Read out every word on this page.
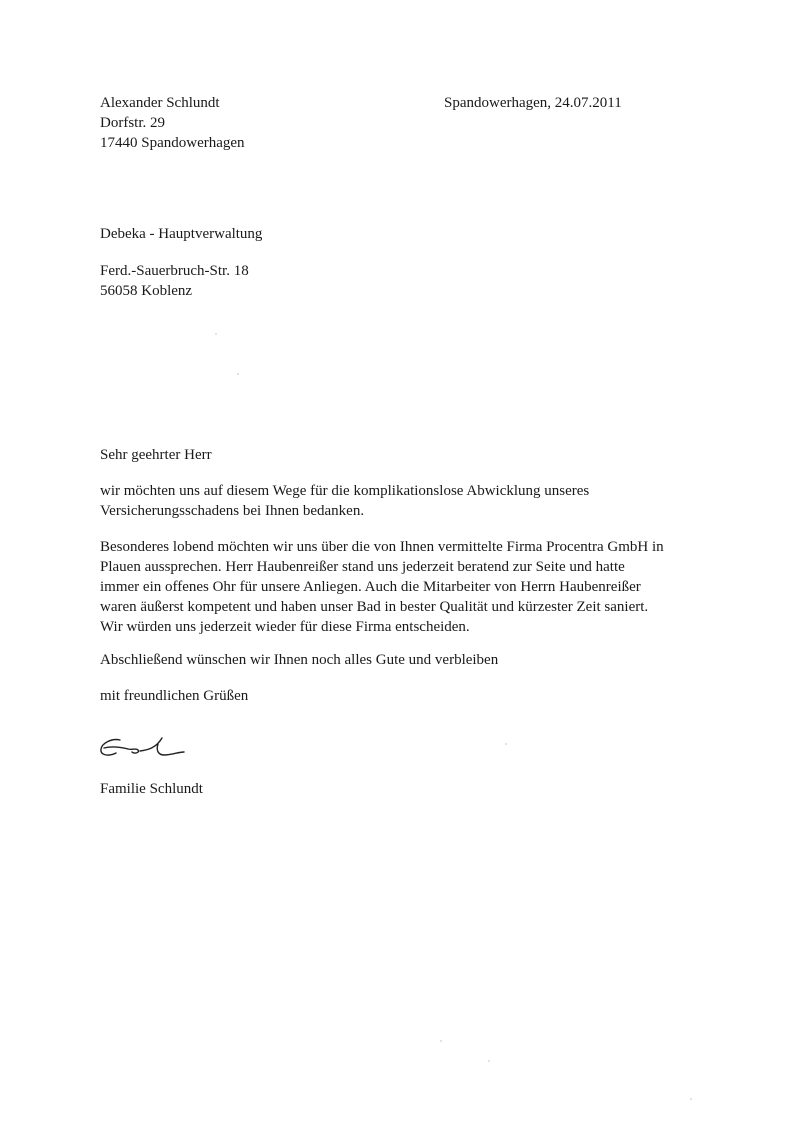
Alexander Schlundt
Dorfstr. 29
17440 Spandowerhagen
Spandowerhagen, 24.07.2011
Debeka - Hauptverwaltung
Ferd.-Sauerbruch-Str. 18
56058 Koblenz
Sehr geehrter Herr
wir möchten uns auf diesem Wege für die komplikationslose Abwicklung unseres
Versicherungsschadens bei Ihnen bedanken.
Besonderes lobend möchten wir uns über die von Ihnen vermittelte Firma Procentra GmbH in
Plauen aussprechen. Herr Haubenreißer stand uns jederzeit beratend zur Seite und hatte
immer ein offenes Ohr für unsere Anliegen. Auch die Mitarbeiter von Herrn Haubenreißer
waren äußerst kompetent und haben unser Bad in bester Qualität und kürzester Zeit saniert.
Wir würden uns jederzeit wieder für diese Firma entscheiden.
Abschließend wünschen wir Ihnen noch alles Gute und verbleiben
mit freundlichen Grüßen
Familie Schlundt
